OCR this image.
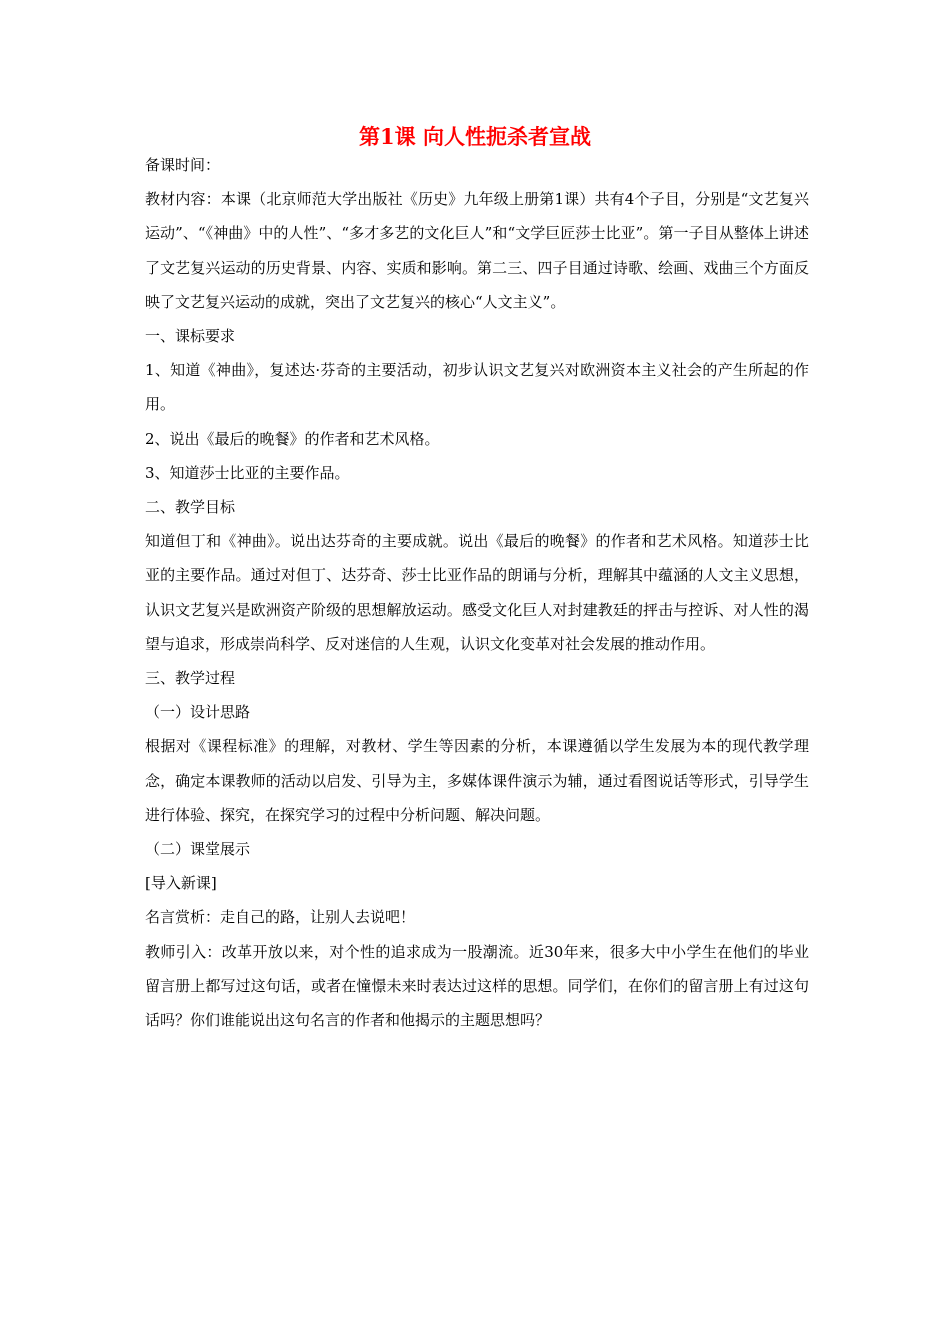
第1课 向人性扼杀者宣战

备课时间：

教材内容：本课（北京师范大学出版社《历史》九年级上册第1课）共有4个子目，分别是“文艺复兴运动”、“《神曲》中的人性”、“多才多艺的文化巨人”和“文学巨匠莎士比亚”。第一子目从整体上讲述了文艺复兴运动的历史背景、内容、实质和影响。第二三、四子目通过诗歌、绘画、戏曲三个方面反映了文艺复兴运动的成就，突出了文艺复兴的核心“人文主义”。

一、课标要求

1、知道《神曲》，复述达·芬奇的主要活动，初步认识文艺复兴对欧洲资本主义社会的产生所起的作用。

2、说出《最后的晚餐》的作者和艺术风格。

3、知道莎士比亚的主要作品。

二、教学目标

知道但丁和《神曲》。说出达芬奇的主要成就。说出《最后的晚餐》的作者和艺术风格。知道莎士比亚的主要作品。通过对但丁、达芬奇、莎士比亚作品的朗诵与分析，理解其中蕴涵的人文主义思想，认识文艺复兴是欧洲资产阶级的思想解放运动。感受文化巨人对封建教廷的抨击与控诉、对人性的渴望与追求，形成崇尚科学、反对迷信的人生观，认识文化变革对社会发展的推动作用。

三、教学过程

（一）设计思路

根据对《课程标准》的理解，对教材、学生等因素的分析，本课遵循以学生发展为本的现代教学理念，确定本课教师的活动以启发、引导为主，多媒体课件演示为辅，通过看图说话等形式，引导学生进行体验、探究，在探究学习的过程中分析问题、解决问题。

（二）课堂展示

[导入新课]

名言赏析：走自己的路，让别人去说吧！

教师引入：改革开放以来，对个性的追求成为一股潮流。近30年来，很多大中小学生在他们的毕业留言册上都写过这句话，或者在憧憬未来时表达过这样的思想。同学们，在你们的留言册上有过这句话吗？你们谁能说出这句名言的作者和他揭示的主题思想吗？
